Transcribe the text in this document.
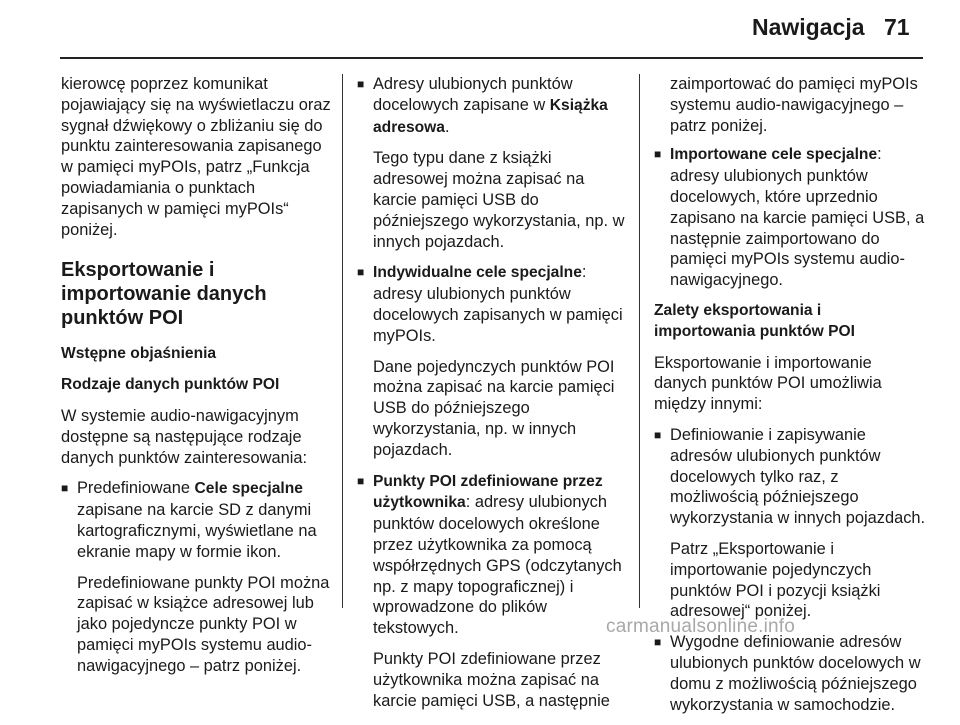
Nawigacja 71

kierowcę poprzez komunikat pojawiający się na wyświetlaczu oraz sygnał dźwiękowy o zbliżaniu się do punktu zainteresowania zapisanego w pamięci myPOIs, patrz „Funkcja powiadamiania o punktach zapisanych w pamięci myPOIs“ poniżej.

Eksportowanie i importowanie danych punktów POI

Wstępne objaśnienia

Rodzaje danych punktów POI

W systemie audio-nawigacyjnym dostępne są następujące rodzaje danych punktów zainteresowania:

■ Predefiniowane Cele specjalne zapisane na karcie SD z danymi kartograficznymi, wyświetlane na ekranie mapy w formie ikon.

Predefiniowane punkty POI można zapisać w książce adresowej lub jako pojedyncze punkty POI w pamięci myPOIs systemu audio-nawigacyjnego – patrz poniżej.

■ Adresy ulubionych punktów docelowych zapisane w Książka adresowa.

Tego typu dane z książki adresowej można zapisać na karcie pamięci USB do późniejszego wykorzystania, np. w innych pojazdach.

■ Indywidualne cele specjalne: adresy ulubionych punktów docelowych zapisanych w pamięci myPOIs.

Dane pojedynczych punktów POI można zapisać na karcie pamięci USB do późniejszego wykorzystania, np. w innych pojazdach.

■ Punkty POI zdefiniowane przez użytkownika: adresy ulubionych punktów docelowych określone przez użytkownika za pomocą współrzędnych GPS (odczytanych np. z mapy topograficznej) i wprowadzone do plików tekstowych.

Punkty POI zdefiniowane przez użytkownika można zapisać na karcie pamięci USB, a następnie

zaimportować do pamięci myPOIs systemu audio-nawigacyjnego – patrz poniżej.

■ Importowane cele specjalne: adresy ulubionych punktów docelowych, które uprzednio zapisano na karcie pamięci USB, a następnie zaimportowano do pamięci myPOIs systemu audio-nawigacyjnego.

Zalety eksportowania i importowania punktów POI

Eksportowanie i importowanie danych punktów POI umożliwia między innymi:

■ Definiowanie i zapisywanie adresów ulubionych punktów docelowych tylko raz, z możliwością późniejszego wykorzystania w innych pojazdach.

Patrz „Eksportowanie i importowanie pojedynczych punktów POI i pozycji książki adresowej“ poniżej.

■ Wygodne definiowanie adresów ulubionych punktów docelowych w domu z możliwością późniejszego wykorzystania w samochodzie.

carmanualsonline.info
